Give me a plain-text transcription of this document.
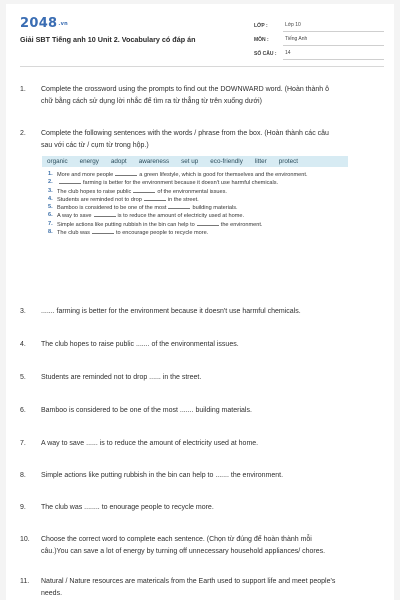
2048.vn
Giải SBT Tiếng anh 10 Unit 2. Vocabulary có đáp án
LỚP :	Lớp 10
MÔN :	Tiếng Anh
SỐ CÂU :	14
1.	Complete the crossword using the prompts to find out the DOWNWARD word. (Hoàn thành ô
chữ bằng cách sử dụng lời nhắc để tìm ra từ thẳng từ trên xuống dưới)
2.	Complete the following sentences with the words / phrase from the box. (Hoàn thành các câu
sau với các từ / cụm từ trong hộp.)
organic energy adopt awareness set up eco-friendly litter protect
1. More and more people	a green lifestyle, which is good for themselves and the environment.
2.	farming is better for the environment because it doesn't use harmful chemicals.
3. The club hopes to raise public	of the environmental issues.
4. Students are reminded not to drop	in the street.
5. Bamboo is considered to be one of the most	building materials.
6. A way to save	is to reduce the amount of electricity used at home.
7. Simple actions like putting rubbish in the bin can help to	the environment.
8. The club was	to encourage people to recycle more.
3.	....... farming is better for the environment because it doesn't use harmful chemicals.
4.	The club hopes to raise public ....... of the environmental issues.
5.	Students are reminded not to drop ...... in the street.
6.	Bamboo is considered to be one of the most ....... building materials.
7.	A way to save ...... is to reduce the amount of electricity used at home.
8.	Simple actions like putting rubbish in the bin can help to ....... the environment.
9.	The club was ........ to enourage people to recycle more.
10.	Choose the correct word to complete each sentence. (Chọn từ đúng để hoàn thành mỗi
câu.)You can save a lot of energy by turning off unnecessary household appliances/ chores.
11.	Natural / Nature resources are matericals from the Earth used to support life and meet people's
needs.
